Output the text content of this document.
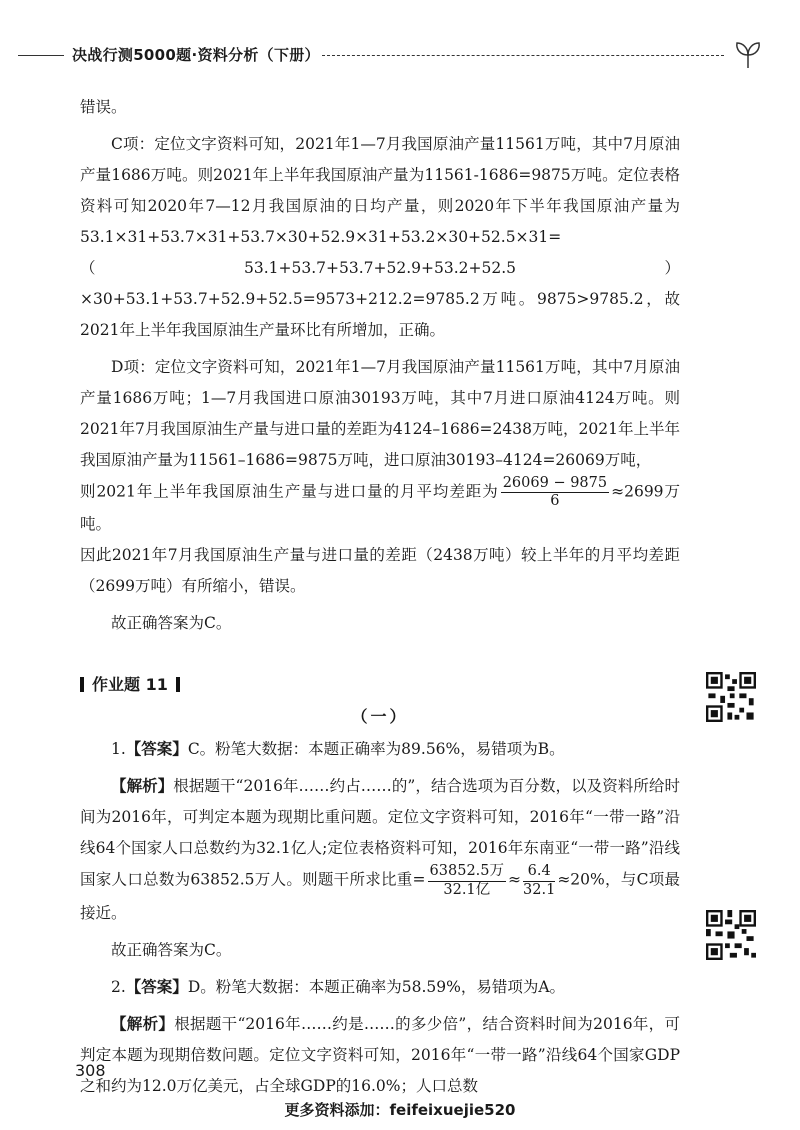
决战行测5000题·资料分析（下册）

错误。

C项：定位文字资料可知，2021年1—7月我国原油产量11561万吨，其中7月原油产量1686万吨。则2021年上半年我国原油产量为11561-1686=9875万吨。定位表格资料可知2020年7—12月我国原油的日均产量，则2020年下半年我国原油产量为53.1×31+53.7×31+53.7×30+52.9×31+53.2×30+52.5×31=（53.1+53.7+53.7+52.9+53.2+52.5）×30+53.1+53.7+52.9+52.5=9573+212.2=9785.2万吨。9875>9785.2，故2021年上半年我国原油生产量环比有所增加，正确。

D项：定位文字资料可知，2021年1—7月我国原油产量11561万吨，其中7月原油产量1686万吨；1—7月我国进口原油30193万吨，其中7月进口原油4124万吨。则2021年7月我国原油生产量与进口量的差距为4124–1686=2438万吨，2021年上半年我国原油产量为11561–1686=9875万吨，进口原油30193–4124=26069万吨，

则2021年上半年我国原油生产量与进口量的月平均差距为 $\frac{26069 - 9875}{6} \approx 2699$万吨。

因此2021年7月我国原油生产量与进口量的差距（2438万吨）较上半年的月平均差距（2699万吨）有所缩小，错误。

故正确答案为C。

作业题 11
（一）

1.【答案】C。粉笔大数据：本题正确率为89.56%，易错项为B。

【解析】根据题干“2016年……约占……的”，结合选项为百分数，以及资料所给时间为2016年，可判定本题为现期比重问题。定位文字资料可知，2016年“一带一路”沿线64个国家人口总数约为32.1亿人;定位表格资料可知，2016年东南亚“一带一路”沿线国家人口总数为63852.5万人。则题干所求比重= $\frac{\text{63852.5万}}{\text{32.1亿}} \approx \frac{6.4}{32.1} \approx 20\%$，与C项最接近。

故正确答案为C。

2.【答案】D。粉笔大数据：本题正确率为58.59%，易错项为A。

【解析】根据题干“2016年……约是……的多少倍”，结合资料时间为2016年，可判定本题为现期倍数问题。定位文字资料可知，2016年“一带一路”沿线64个国家GDP之和约为12.0万亿美元，占全球GDP的16.0%；人口总数

308
更多资料添加：feifeixuejie520
